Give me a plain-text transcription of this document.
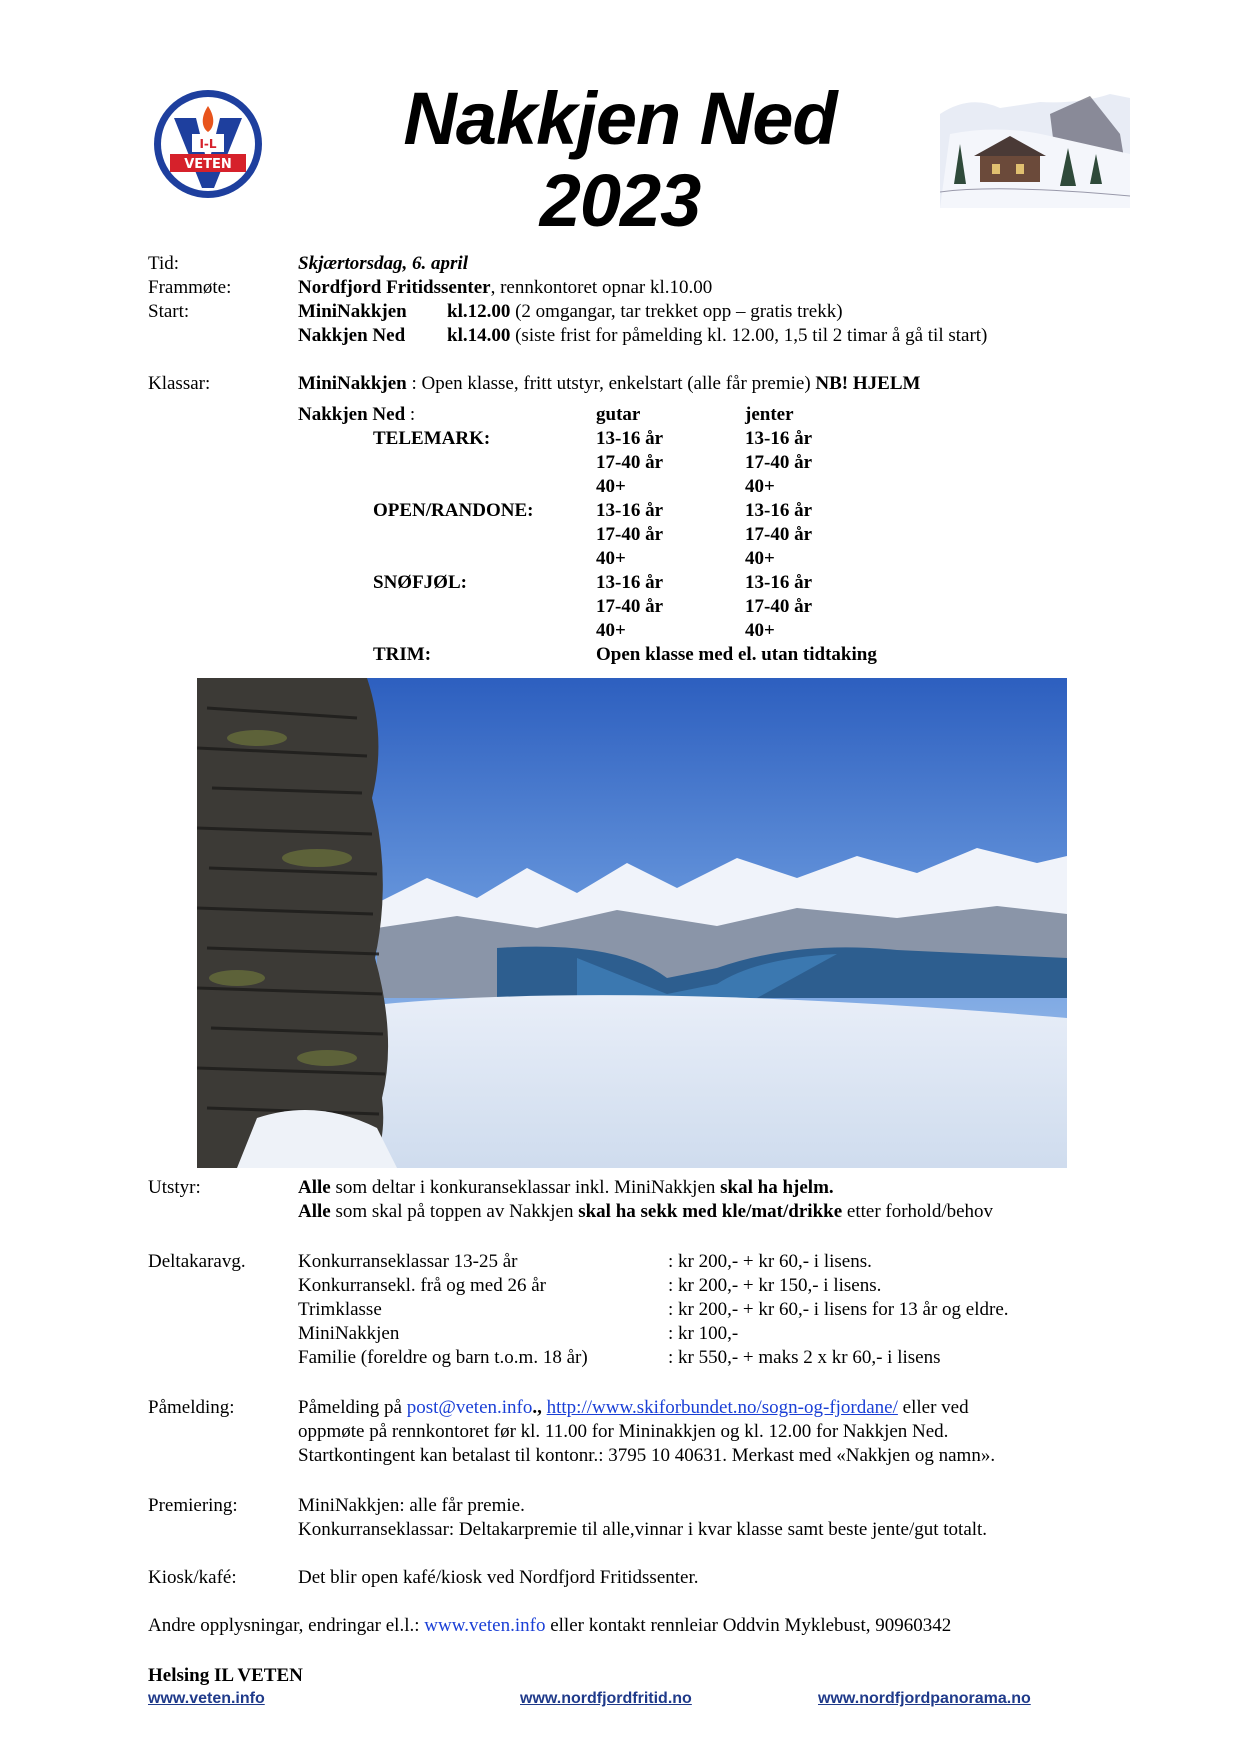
I-L
VETEN
Nakkjen Ned
2023
Tid:	Skjærtorsdag, 6. april
Frammøte:	Nordfjord Fritidssenter, rennkontoret opnar kl.10.00
Start:	MiniNakkjen kl.12.00 (2 omgangar, tar trekket opp – gratis trekk)
Nakkjen Ned kl.14.00 (siste frist for påmelding kl. 12.00, 1,5 til 2 timar å gå til start)
Klassar:	MiniNakkjen : Open klasse, fritt utstyr, enkelstart (alle får premie) NB! HJELM
Nakkjen Ned :	gutar	jenter
TELEMARK:	13-16 år	13-16 år
17-40 år	17-40 år
40+	40+
OPEN/RANDONE:	13-16 år	13-16 år
17-40 år	17-40 år
40+	40+
SNØFJØL:	13-16 år	13-16 år
17-40 år	17-40 år
40+	40+
TRIM:	Open klasse med el. utan tidtaking
Utstyr:	Alle som deltar i konkuranseklassar inkl. MiniNakkjen skal ha hjelm.
Alle som skal på toppen av Nakkjen skal ha sekk med kle/mat/drikke etter forhold/behov
Deltakaravg.	Konkurranseklassar 13-25 år	: kr 200,- + kr 60,- i lisens.
Konkurransekl. frå og med 26 år	: kr 200,- + kr 150,- i lisens.
Trimklasse	: kr 200,- + kr 60,- i lisens for 13 år og eldre.
MiniNakkjen	: kr 100,-
Familie (foreldre og barn t.o.m. 18 år)	: kr 550,- + maks 2 x kr 60,- i lisens
Påmelding:	Påmelding på post@veten.info., http://www.skiforbundet.no/sogn-og-fjordane/ eller ved
oppmøte på rennkontoret før kl. 11.00 for Mininakkjen og kl. 12.00 for Nakkjen Ned.
Startkontingent kan betalast til kontonr.: 3795 10 40631. Merkast med «Nakkjen og namn».
Premiering:	MiniNakkjen: alle får premie.
Konkurranseklassar: Deltakarpremie til alle,vinnar i kvar klasse samt beste jente/gut totalt.
Kiosk/kafé:	Det blir open kafé/kiosk ved Nordfjord Fritidssenter.
Andre opplysningar, endringar el.l.: www.veten.info eller kontakt rennleiar Oddvin Myklebust, 90960342
Helsing IL VETEN
www.veten.info	www.nordfjordfritid.no	www.nordfjordpanorama.no
